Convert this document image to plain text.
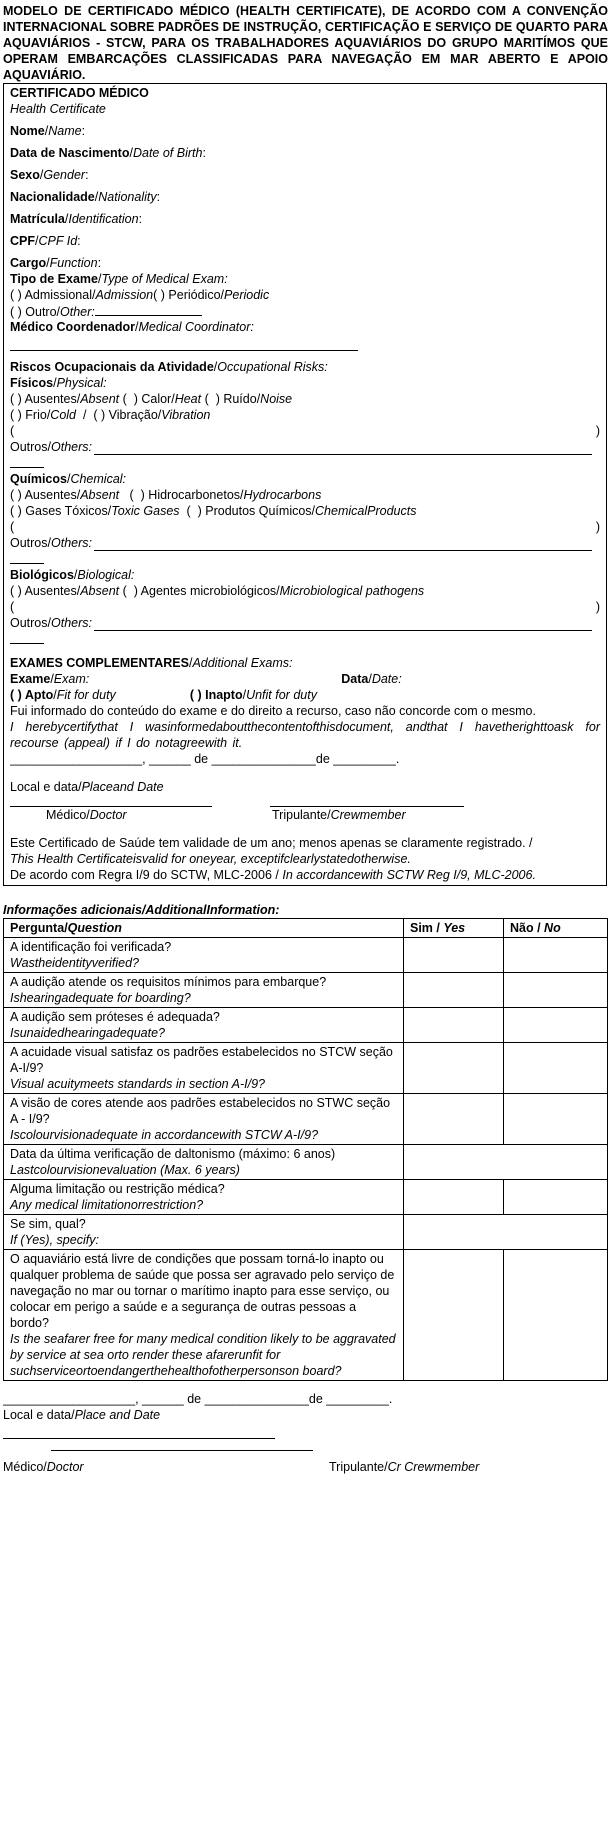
MODELO DE CERTIFICADO MÉDICO (HEALTH CERTIFICATE), DE ACORDO COM A CONVENÇÃO INTERNACIONAL SOBRE PADRÕES DE INSTRUÇÃO, CERTIFICAÇÃO E SERVIÇO DE QUARTO PARA AQUAVIÁRIOS - STCW, PARA OS TRABALHADORES AQUAVIÁRIOS DO GRUPO MARITÍMOS QUE OPERAM EMBARCAÇÕES CLASSIFICADAS PARA NAVEGAÇÃO EM MAR ABERTO E APOIO AQUAVIÁRIO.
CERTIFICADO MÉDICO
Health Certificate
Nome/Name:
Data de Nascimento/Date of Birth:
Sexo/Gender:
Nacionalidade/Nationality:
Matrícula/Identification:
CPF/CPF Id:
Cargo/Function:
Tipo de Exame/Type of Medical Exam:
( ) Admissional/Admission( ) Periódico/Periodic
( ) Outro/Other:
Médico Coordenador/Medical Coordinator:
Riscos Ocupacionais da Atividade/Occupational Risks:
Físicos/Physical:
( ) Ausentes/Absent (  ) Calor/Heat (  ) Ruído/Noise
( ) Frio/Cold  /  ( ) Vibração/Vibration
(	)
Outros / Others:
Químicos/Chemical:
( ) Ausentes/Absent   (  ) Hidrocarbonetos/Hydrocarbons
( ) Gases Tóxicos/Toxic Gases  (  ) Produtos Químicos/ChemicalProducts
(	)
Outros / Others:
Biológicos/Biological:
( ) Ausentes/Absent (  ) Agentes microbiológicos/Microbiological pathogens
(	)
Outros / Others:
EXAMES COMPLEMENTARES/Additional Exams:
Exame/Exam:	Data/Date:
( ) Apto/Fit for duty	( ) Inapto/Unfit for duty
Fui informado do conteúdo do exame e do direito a recurso, caso não concorde com o mesmo.
I herebycertifythat I wasinformedaboutthecontentofthisdocument, andthat I havetherighttoask for recourse (appeal) if I do notagreewith it.
___________________, ______ de _______________de _________.
Local e data/Placeand Date
Médico/Doctor	Tripulante/Crewmember
Este Certificado de Saúde tem validade de um ano; menos apenas se claramente registrado. /
This Health Certificateisvalid for oneyear, exceptifclearlystatedotherwise.
De acordo com Regra I/9 do SCTW, MLC-2006 / In accordancewith SCTW Reg I/9, MLC-2006.
Informações adicionais/AdditionalInformation:
Pergunta/Question	Sim / Yes	Não / No

A identificação foi verificada?
Wastheidentityverified?		

A audição atende os requisitos mínimos para embarque?
Ishearingadequate for boarding?		

A audição sem próteses é adequada?
Isunaidedhearingadequate?		

A acuidade visual satisfaz os padrões estabelecidos no STCW seção A-I/9?
Visual acuitymeets standards in section A-I/9?		

A visão de cores atende aos padrões estabelecidos no STWC seção A - I/9?
Iscolourvisionadequate in accordancewith STCW A-I/9?		

Data da última verificação de daltonismo (máximo: 6 anos)
Lastcolourvisionevaluation (Max. 6 years)		

Alguma limitação ou restrição médica?
Any medical limitationorrestriction?		

Se sim, qual?
If (Yes), specify:		

O aquaviário está livre de condições que possam torná-lo inapto ou qualquer problema de saúde que possa ser agravado pelo serviço de navegação no mar ou tornar o marítimo inapto para esse serviço, ou colocar em perigo a saúde e a segurança de outras pessoas a bordo?
Is the seafarer free for many medical condition likely to be aggravated by service at sea orto render these afarerunfit for suchserviceortoendangerthehealthofotherpersonson board?		

___________________, ______ de _______________de _________.
Local e data/Place and Date
Médico/Doctor	Tripulante/Cr Crewmember
